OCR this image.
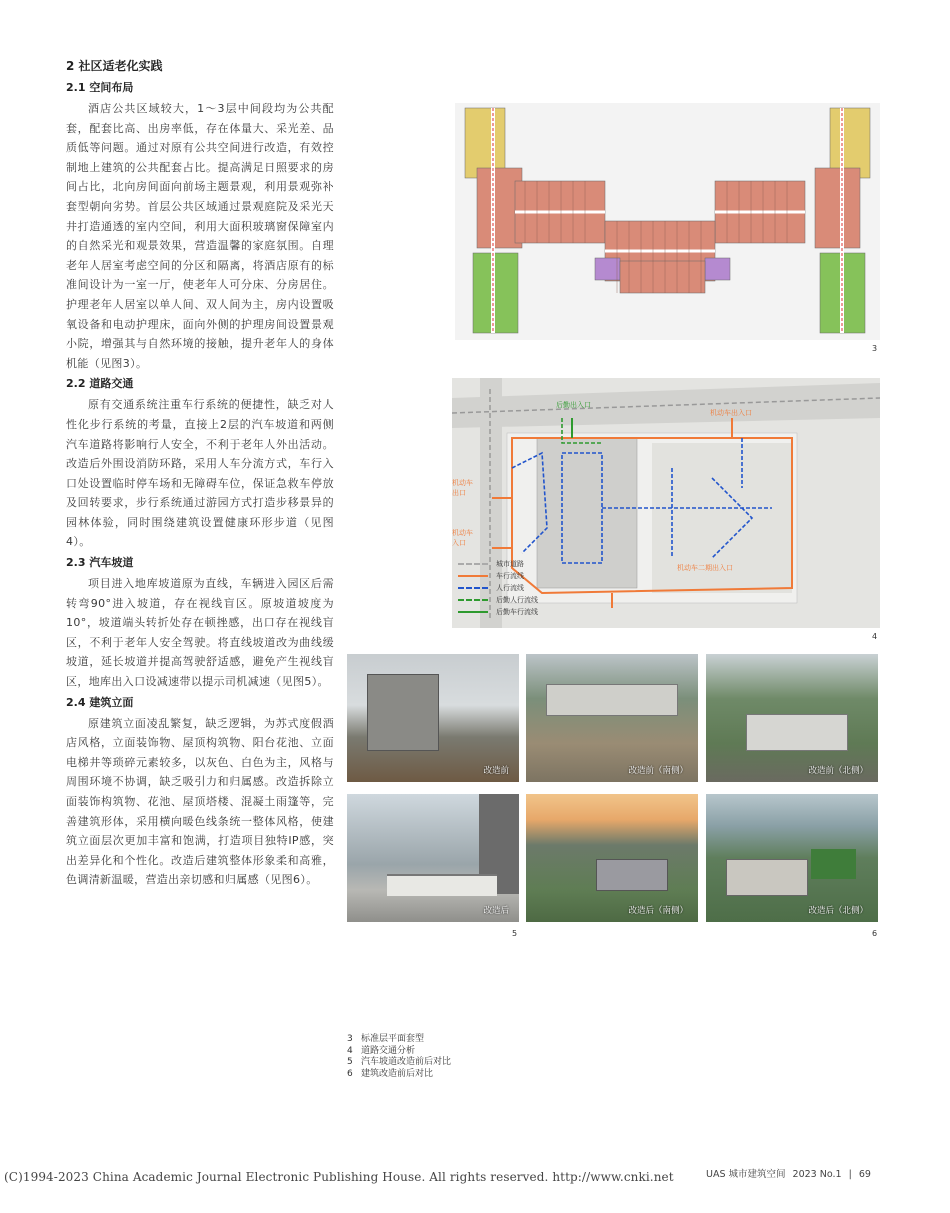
2 社区适老化实践
2.1 空间布局

酒店公共区域较大，1～3层中间段均为公共配套，配套比高、出房率低，存在体量大、采光差、品质低等问题。通过对原有公共空间进行改造，有效控制地上建筑的公共配套占比。提高满足日照要求的房间占比，北向房间面向前场主题景观，利用景观弥补套型朝向劣势。首层公共区域通过景观庭院及采光天井打造通透的室内空间，利用大面积玻璃窗保障室内的自然采光和观景效果，营造温馨的家庭氛围。自理老年人居室考虑空间的分区和隔离，将酒店原有的标准间设计为一室一厅，使老年人可分床、分房居住。护理老年人居室以单人间、双人间为主，房内设置吸氧设备和电动护理床，面向外侧的护理房间设置景观小院，增强其与自然环境的接触，提升老年人的身体机能（见图3）。

2.2 道路交通

原有交通系统注重车行系统的便捷性，缺乏对人性化步行系统的考量，直接上2层的汽车坡道和两侧汽车道路将影响行人安全，不利于老年人外出活动。改造后外围设消防环路，采用人车分流方式，车行入口处设置临时停车场和无障碍车位，保证急救车停放及回转要求，步行系统通过游园方式打造步移景异的园林体验，同时围绕建筑设置健康环形步道（见图4）。

2.3 汽车坡道

项目进入地库坡道原为直线，车辆进入园区后需转弯90°进入坡道，存在视线盲区。原坡道坡度为10°，坡道端头转折处存在顿挫感，出口存在视线盲区，不利于老年人安全驾驶。将直线坡道改为曲线缓坡道，延长坡道并提高驾驶舒适感，避免产生视线盲区，地库出入口设减速带以提示司机减速（见图5）。

2.4 建筑立面

原建筑立面凌乱繁复，缺乏逻辑，为苏式度假酒店风格，立面装饰物、屋顶构筑物、阳台花池、立面电梯井等琐碎元素较多，以灰色、白色为主，风格与周围环境不协调，缺乏吸引力和归属感。改造拆除立面装饰构筑物、花池、屋顶塔楼、混凝土雨篷等，完善建筑形体，采用横向暖色线条统一整体风格，使建筑立面层次更加丰富和饱满，打造项目独特IP感，突出差异化和个性化。改造后建筑整体形象柔和高雅，色调清新温暖，营造出亲切感和归属感（见图6）。

3
城市道路
车行流线
人行流线
后勤人行流线
后勤车行流线
后勤出入口
机动车出入口
机动车出口
机动车入口
机动车二期出入口
4
改造前	改造前（南侧）	改造前（北侧）
改造后	改造后（南侧）	改造后（北侧）
5	6
3 标准层平面套型
4 道路交通分析
5 汽车坡道改造前后对比
6 建筑改造前后对比
(C)1994-2023 China Academic Journal Electronic Publishing House. All rights reserved. http://www.cnki.net	UAS 城市建筑空间 2023 No.1 | 69
